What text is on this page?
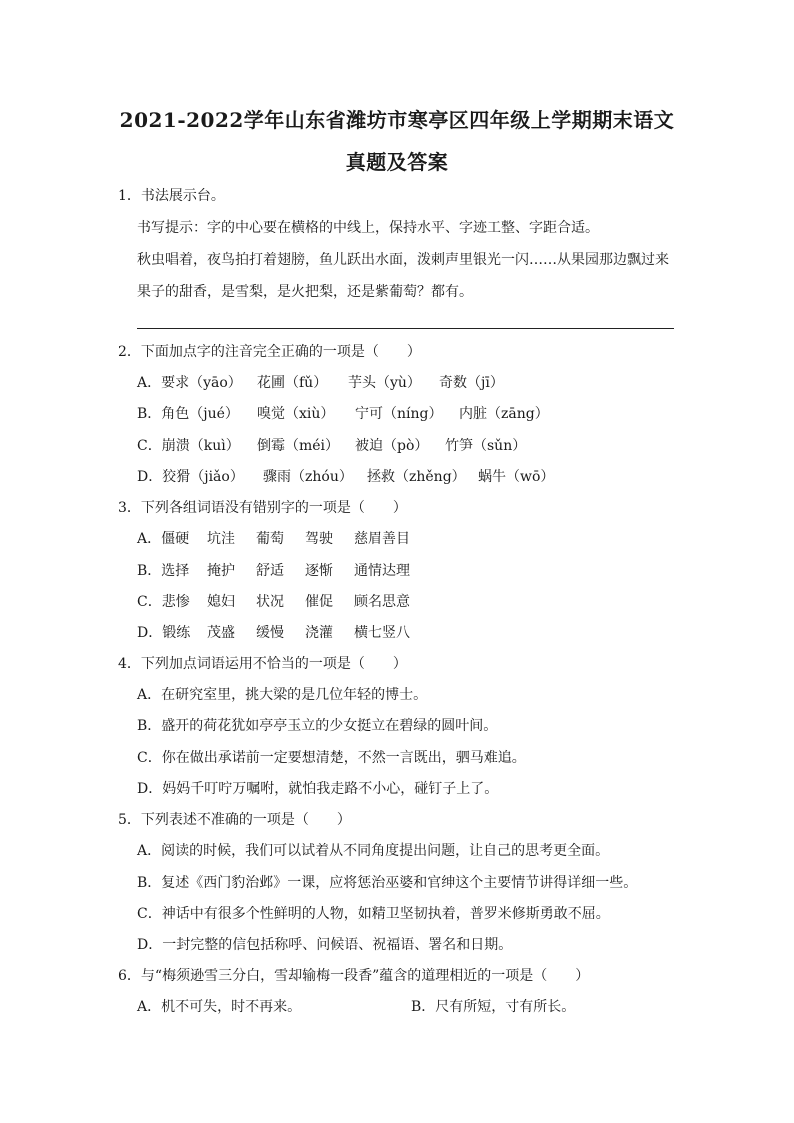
2021-2022学年山东省潍坊市寒亭区四年级上学期期末语文
真题及答案
1．书法展示台。
书写提示：字的中心要在横格的中线上，保持水平、字迹工整、字距合适。
秋虫唱着，夜鸟拍打着翅膀，鱼儿跃出水面，泼刺声里银光一闪……从果园那边飘过来
果子的甜香，是雪梨，是火把梨，还是紫葡萄？都有。
2．下面加点字的注音完全正确的一项是（　　）
A．要求（yāo） 花圃（fǔ） 芋头（yù） 奇数（jī）
B．角色（jué） 嗅觉（xiù） 宁可（níng） 内脏（zāng）
C．崩溃（kuì） 倒霉（méi） 被迫（pò） 竹笋（sǔn）
D．狡猾（jiǎo） 骤雨（zhóu） 拯救（zhěng） 蜗牛（wō）
3．下列各组词语没有错别字的一项是（　　）
A．僵硬 坑洼 葡萄 驾驶 慈眉善目
B．选择 掩护 舒适 逐惭 通情达理
C．悲惨 媳妇 状况 催促 顾名思意
D．锻练 茂盛 缓慢 浇灌 横七竖八
4．下列加点词语运用不恰当的一项是（　　）
A．在研究室里，挑大梁的是几位年轻的博士。
B．盛开的荷花犹如亭亭玉立的少女挺立在碧绿的圆叶间。
C．你在做出承诺前一定要想清楚，不然一言既出，驷马难追。
D．妈妈千叮咛万嘱咐，就怕我走路不小心，碰钉子上了。
5．下列表述不准确的一项是（　　）
A．阅读的时候，我们可以试着从不同角度提出问题，让自己的思考更全面。
B．复述《西门豹治邺》一课，应将惩治巫婆和官绅这个主要情节讲得详细一些。
C．神话中有很多个性鲜明的人物，如精卫坚韧执着，普罗米修斯勇敢不屈。
D．一封完整的信包括称呼、问候语、祝福语、署名和日期。
6．与“梅须逊雪三分白，雪却输梅一段香”蕴含的道理相近的一项是（　　）
A．机不可失，时不再来。	B．尺有所短，寸有所长。
